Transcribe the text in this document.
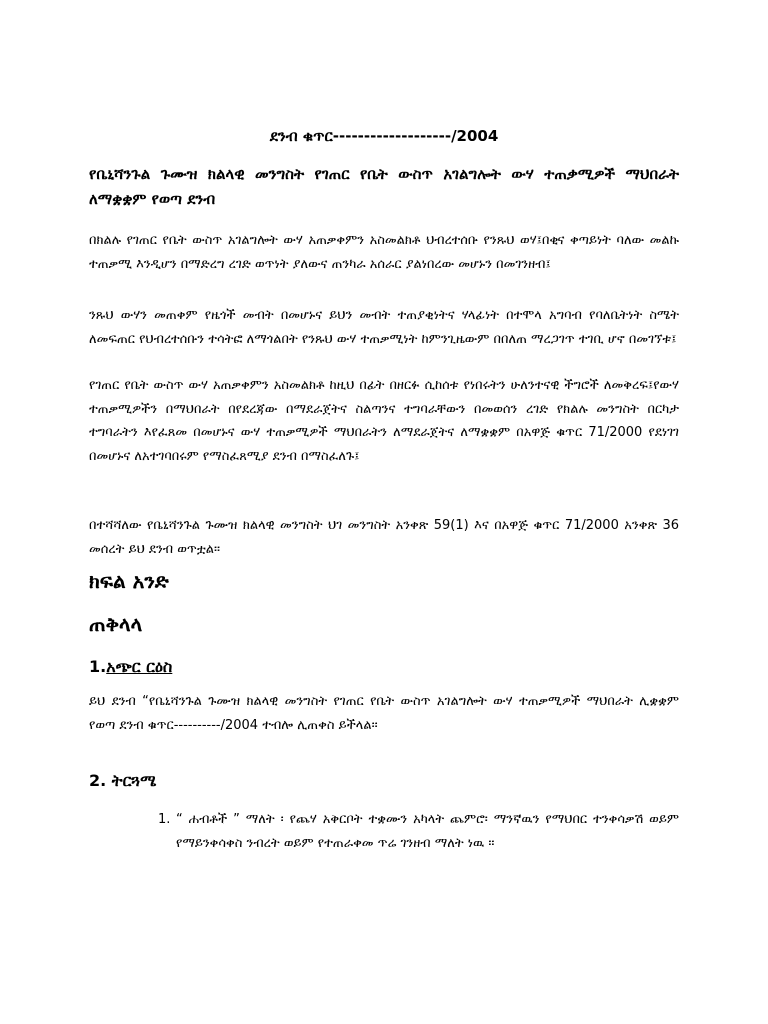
ደንብ ቁጥር-------------------/2004
የቤኒሻንጉል ጉሙዝ ክልላዊ መንግስት የገጠር የቤት ውስጥ አገልግሎት ውሃ ተጠቃሚዎች ማህበራት ለማቋቋም የወጣ ደንብ
በክልሉ የገጠር የቤት ውስጥ አገልግሎት ውሃ አጠቃቀምን አስመልክቶ ህብረተሰቡ የንጹህ ወሃ፤በቂና ቀጣይነት ባለው መልኩ ተጠቃሚ እንዲሆን በማድረግ ረገድ ወጥነት ያለውና ጠንካራ አሰራር ያልነበረው መሆኑን በመገንዘብ፤
ንጹህ ውሃን መጠቀም የዜጎች መብት በመሆኑና ይህን መብት ተጠያቂነትና ሃላፊነት በተሞላ አግባብ የባለቤትነት ስሜት ለመፍጠር የህብረተሰቡን ተሳትፎ ለማጎልበት የንጹህ ውሃ ተጠቃሚነት ከምንጊዜውም በበለጠ ማረጋገጥ ተገቢ ሆኖ በመገኘቱ፤
የገጠር የቤት ውስጥ ውሃ አጠቃቀምን አስመልክቶ ከዚህ በፊት በዘርፉ ሲከሰቱ የነበሩትን ሁለንተናዊ ችግሮች ለመቅረፍ፤የውሃ ተጠቃሚዎችን በማህበራት በየደረጃው በማደራጀትና ስልጣንና ተግባራቸውን በመወሰን ረገድ የክልሉ መንግስት በርካታ ተግባራትን እየፈጸመ በመሆኑና ውሃ ተጠቃሚዎች ማህበራትን ለማደራጀትና ለማቋቋም በአዋጅ ቁጥር 71/2000 የደነገገ በመሆኑና ለአተገባበሩም የማስፈጸሚያ ደንብ በማስፈለጉ፤
በተሻሻለው የቤኒሻንጉል ጉሙዝ ክልላዊ መንግስት ህገ መንግስት አንቀጽ 59(1) እና በአዋጅ ቁጥር 71/2000 አንቀጽ 36 መሰረት ይህ ደንብ ወጥቷል፡፡
ክፍል አንድ
ጠቅላላ
1.አጭር ርዕስ
ይህ ደንብ “የቤኒሻንጉል ጉሙዝ ክልላዊ መንግስት የገጠር የቤት ውስጥ አገልግሎት ውሃ ተጠቃሚዎች ማህበራት ሊቋቋም የወጣ ደንብ ቁጥር----------/2004 ተብሎ ሊጠቀስ ይችላል፡፡
2. ትርጓሜ
1. “ ሐብቶች ” ማለት ፡ የጨሃ አቅርቦት ተቋሙን አካላት ጨምሮ፡ ማንኛዉን የማህበር ተንቀሳቃሽ ወይም የማይንቀሳቀስ ንብረት ወይም የተጠራቀመ ጥሬ ገንዘብ ማለት ነዉ ፡፡
